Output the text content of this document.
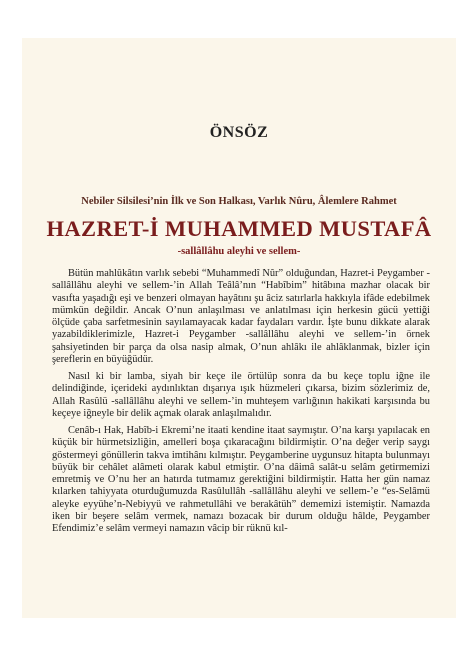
ÖNSÖZ
Nebiler Silsilesi’nin İlk ve Son Halkası, Varlık Nûru, Âlemlere Rahmet
HAZRET-İ MUHAMMED MUSTAFÂ
-sallâllâhu aleyhi ve sellem-

Bütün mahlûkâtın varlık sebebi “Muhammedî Nûr” olduğundan, Hazret-i Peygamber -sallâllâhu aleyhi ve sellem-’in Allah Teâlâ’nın “Habîbim” hitâbına mazhar olacak bir vasıfta yaşadığı eşi ve benzeri olmayan hayâtını şu âciz satırlarla hakkıyla ifâde edebilmek mümkün değildir. Ancak O’nun anlaşılması ve anlatılması için herkesin gücü yettiği ölçüde çaba sarfetmesinin sayılamayacak kadar faydaları vardır. İşte bunu dikkate alarak yazabildiklerimizle, Hazret-i Peygamber -sallâllâhu aleyhi ve sellem-’in örnek şahsiyetinden bir parça da olsa nasip almak, O’nun ahlâkı ile ahlâklanmak, bizler için şereflerin en büyüğüdür.

Nasıl ki bir lamba, siyah bir keçe ile örtülüp sonra da bu keçe toplu iğne ile delindiğinde, içerideki aydınlıktan dışarıya ışık hüzmeleri çıkarsa, bizim sözlerimiz de, Allah Rasûlü -sallâllâhu aleyhi ve sellem-’in muhteşem varlığının hakikati karşısında bu keçeye iğneyle bir delik açmak olarak anlaşılmalıdır.

Cenâb-ı Hak, Habîb-i Ekremi’ne itaati kendine itaat saymıştır. O’na karşı yapılacak en küçük bir hürmetsizliğin, amelleri boşa çıkaracağını bildirmiştir. O’na değer verip saygı göstermeyi gönüllerin takva imtihânı kılmıştır. Peygamberine uygunsuz hitapta bulunmayı büyük bir cehâlet alâmeti olarak kabul etmiştir. O’na dâimâ salât-u selâm getirmemizi emretmiş ve O’nu her an hatırda tutmamız gerektiğini bildirmiştir. Hatta her gün namaz kılarken tahiyyata oturduğumuzda Rasûlullâh -sallâllâhu aleyhi ve sellem-’e “es-Selâmü aleyke eyyühe’n-Nebiyyü ve rahmetullâhi ve berakâtüh” dememizi istemiştir. Namazda iken bir beşere selâm vermek, namazı bozacak bir durum olduğu hâlde, Peygamber Efendimiz’e selâm vermeyi namazın vâcip bir rüknü kıl-
